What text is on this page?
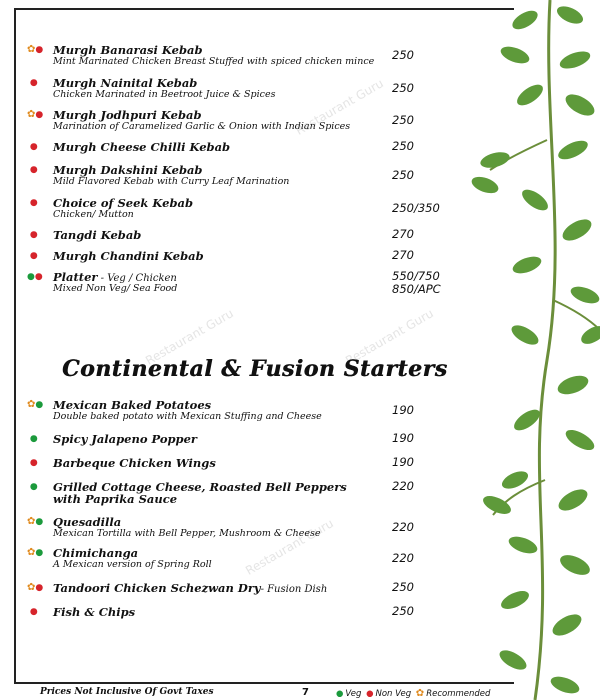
Restaurant Guru
Restaurant Guru	Restaurant Guru
Restaurant Guru
✿● Murgh Banarasi Kebab
Mint Marinated Chicken Breast Stuffed with spiced chicken mince 250
● Murgh Nainital Kebab
Chicken Marinated in Beetroot Juice & Spices	250
✿● Murgh Jodhpuri Kebab
Marination of Caramelized Garlic & Onion with Indian Spices	250
● Murgh Cheese Chilli Kebab	250
● Murgh Dakshini Kebab
Mild Flavored Kebab with Curry Leaf Marination	250
● Choice of Seek Kebab
Chicken/ Mutton	250/350
● Tangdi Kebab	270
● Murgh Chandini Kebab	270
●● Platter - Veg / Chicken
Mixed Non Veg/ Sea Food
550/750
850/APC
Continental & Fusion Starters
✿● Mexican Baked Potatoes
Double baked potato with Mexican Stuffing and Cheese	190
● Spicy Jalapeno Popper	190
● Barbeque Chicken Wings	190
● Grilled Cottage Cheese, Roasted Bell Peppers
with Paprika Sauce
220
✿● Quesadilla
Mexican Tortilla with Bell Pepper, Mushroom & Cheese	220
✿● Chimichanga
A Mexican version of Spring Roll	220
✿● Tandoori Chicken Schezwan Dry- Fusion Dish	250
● Fish & Chips	250
Prices Not Inclusive Of Govt Taxes	7	● Veg ● Non Veg ✿ Recommended
